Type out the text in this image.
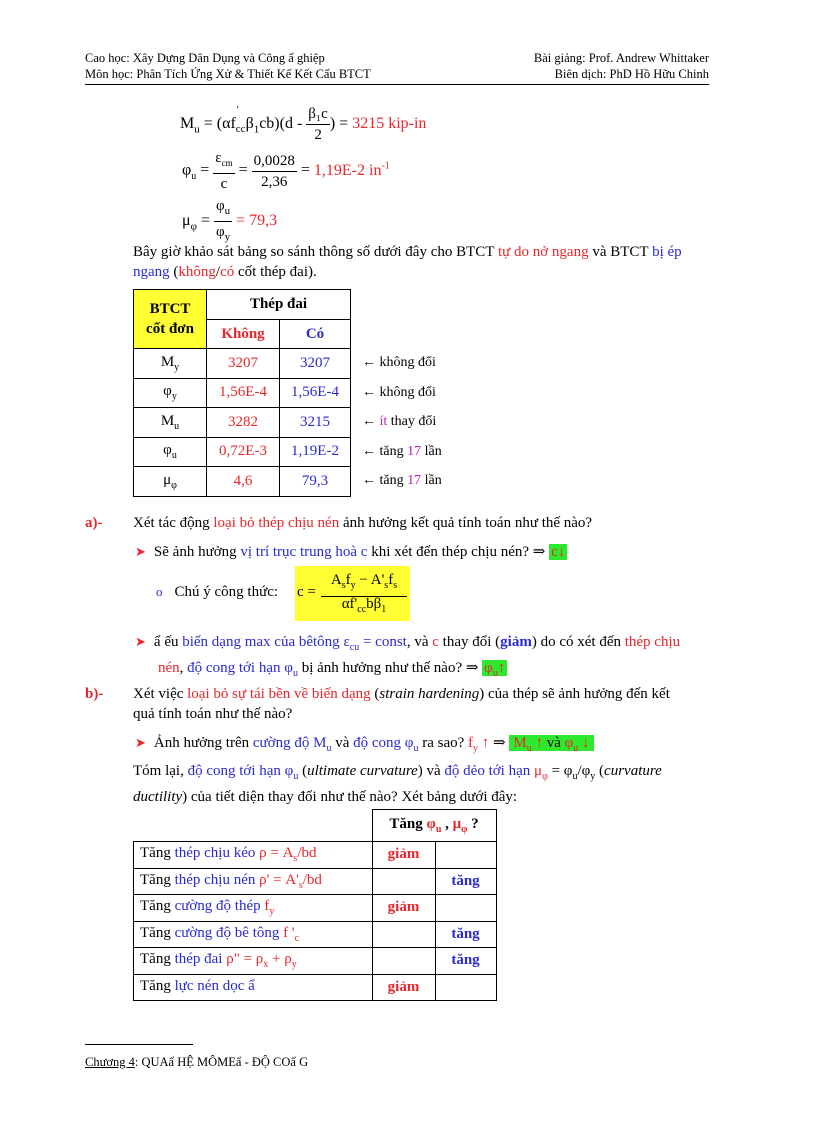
Cao học: Xây Dựng Dân Dụng và Công ẩ ghiệp
Môn học: Phân Tích Ứng Xử & Thiết Kế Kết Cấu BTCT
Bài giảng: Prof. Andrew Whittaker
Biên dịch: PhD Hồ Hữu Chinh
$M_u = (\alpha f$
'
$_{cc}\beta_1cb)(d - \frac{\text{β₁c}}{2}$ ) = 3215 kip-in
$\varphi_u = \frac{\varepsilon_{cm}}{c} = \frac{0,0028}{2,36} = 1,19E-2$ $in^{-1}$
$\mu_\varphi = \frac{\varphi_u}{\varphi_y} = 79,3$
Bây giờ khảo sát bảng so sánh thông số dưới đây cho BTCT tự do nở ngang và BTCT bị ép
ngang (không/có cốt thép đai).
BTCT
cốt đơn	Thép đai	
	Không	Có
$M_y$	3207	3207
$\varphi_y$	1,56E-4	1,56E-4
$M_u$	3282	3215
$\varphi_u$	0,72E-3	1,19E-2
$\mu_\varphi$	4,6	79,3
← không đổi
← không đổi
← ít thay đổi
← tăng 17 lần
← tăng 17 lần
a)- Xét tác động loại bỏ thép chịu nén ảnh hưởng kết quả tính toán như thế nào?
➤ Sẽ ảnh hưởng vị trí trục trung hoà c khi xét đến thép chịu nén? ⇒ c↓
o Chú ý công thức: c =
$A_sf_y - A'_sf_s$
$\alpha f'_{cc}b\beta_1$
➤ ẩ ếu biến dạng max của bêtông $\varepsilon_{cu}$ = const, và c thay đổi (giảm) do có xét đến thép chịu
nén, độ cong tới hạn $\varphi_u$ bị ảnh hưởng như thế nào? ⇒ $\varphi_u↑$
b)- Xét việc loại bỏ sự tái bền về biến dạng (strain hardening) của thép sẽ ảnh hưởng đến kết
quả tính toán như thế nào?
➤ Ảnh hưởng trên cường độ $M_u$ và độ cong $\varphi_u$ ra sao? $f_y$ ↑ ⇒ $M_u$ ↑ và $\varphi_u$ ↓
Tóm lại, độ cong tới hạn $\varphi_u$ (ultimate curvature) và độ dẻo tới hạn $\mu_\varphi = \varphi_u/\varphi_y$ (curvature
ductility) của tiết diện thay đổi như thế nào? Xét bảng dưới đây:
	Tăng $\varphi_u$ , $\mu_\varphi$ ?	
Tăng thép chịu kéo $\rho = A_s/bd$	giảm	
Tăng thép chịu nén $\rho' = A'_s/bd$		tăng
Tăng cường độ thép $f_y$	giảm	
Tăng cường độ bê tông f '$_c$		tăng
Tăng thép đai ρ" = $\rho_x + \rho_y$		tăng
Tăng lực nén dọc ẩ	giảm	
Chương 4: QUAẩ HỆ MÔMEẩ - ĐỘ COẩ G
